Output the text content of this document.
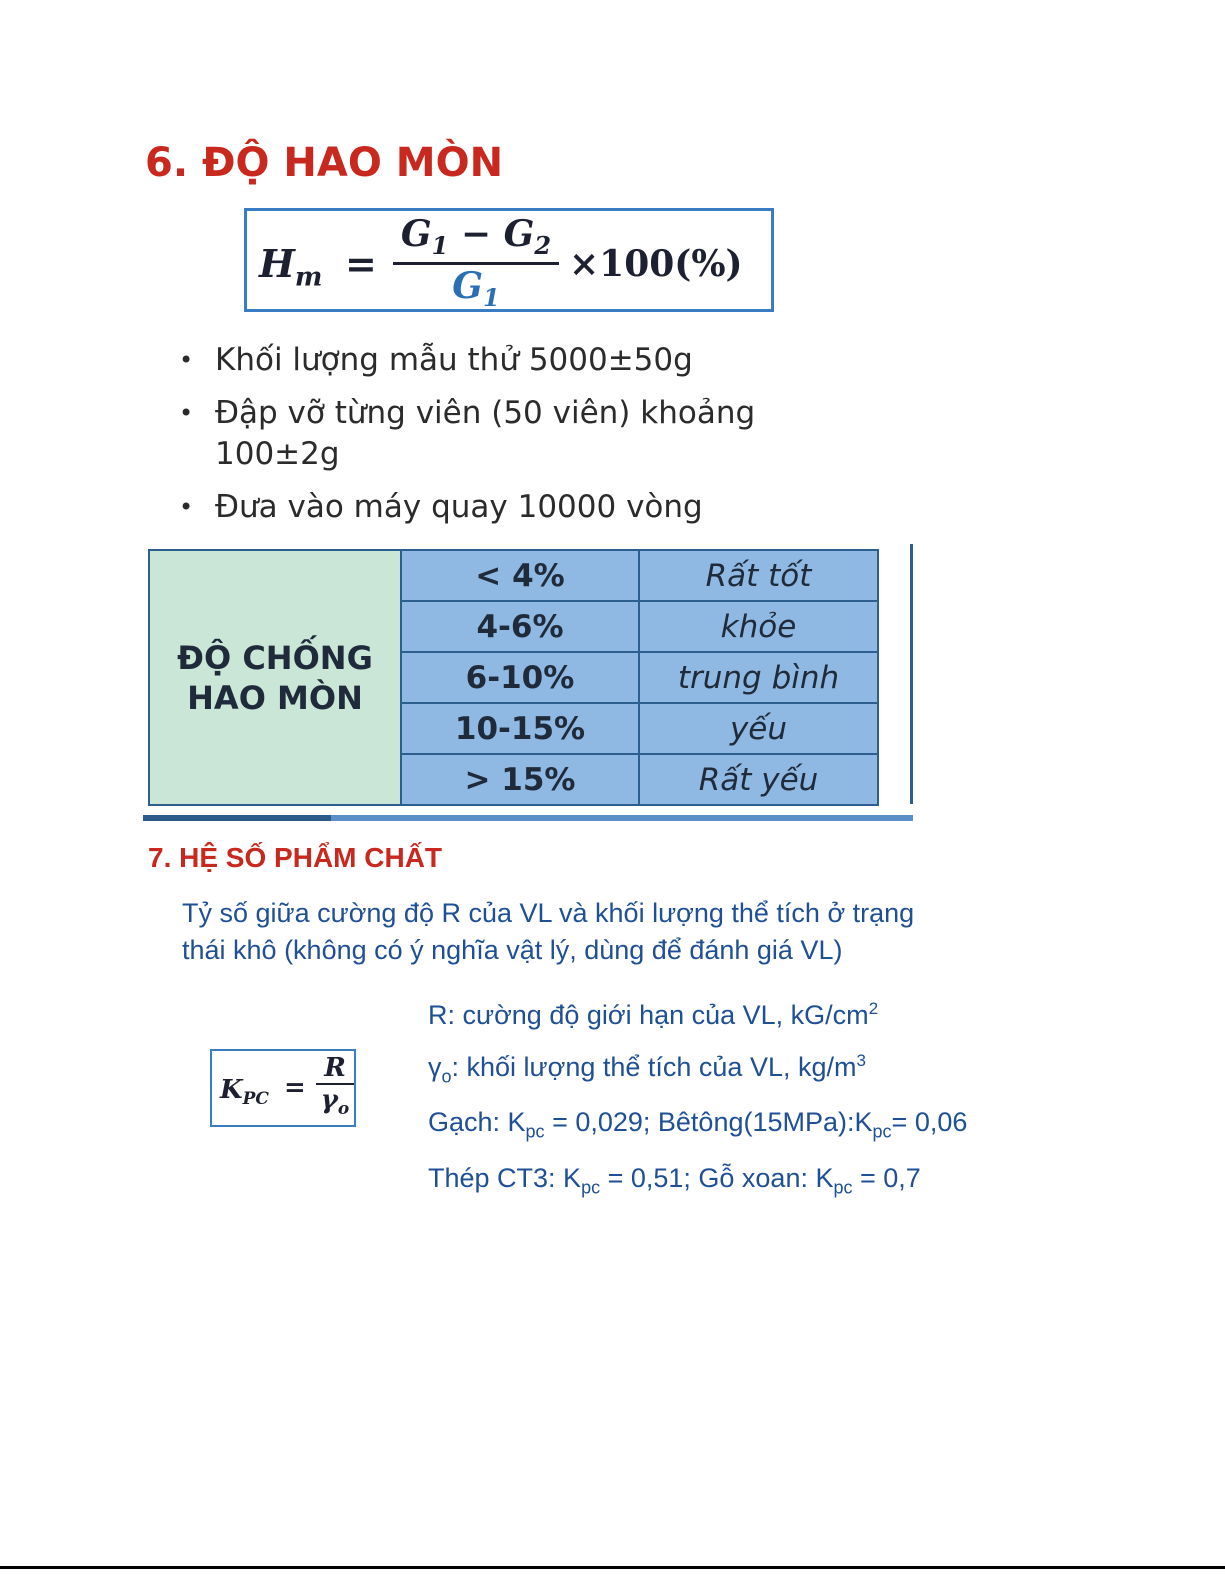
6. ĐỘ HAO MÒN
$H_m = \frac{G_1 - G_2}{G_1} \times 100(\%)$
• Khối lượng mẫu thử 5000±50g
• Đập vỡ từng viên (50 viên) khoảng 100±2g
• Đưa vào máy quay 10000 vòng
ĐỘ CHỐNG
HAO MÒN	< 4%	Rất tốt
	4-6%	khỏe
	6-10%	trung bình
	10-15%	yếu
	> 15%	Rất yếu
7. HỆ SỐ PHẨM CHẤT

Tỷ số giữa cường độ R của VL và khối lượng thể tích ở trạng
thái khô (không có ý nghĩa vật lý, dùng để đánh giá VL)

$K_{PC} = \frac{R}{\gamma_o}$
R: cường độ giới hạn của VL, $kG/cm^2$
$\gamma_o$: khối lượng thể tích của VL, $kg/m^3$
Gạch: $K_{pc} = 0,029$; $Bêtông(15MPa):K_{pc}= 0,06$
Thép CT3: $K_{pc} = 0,51$; Gỗ xoan: $K_{pc} = 0,7$
